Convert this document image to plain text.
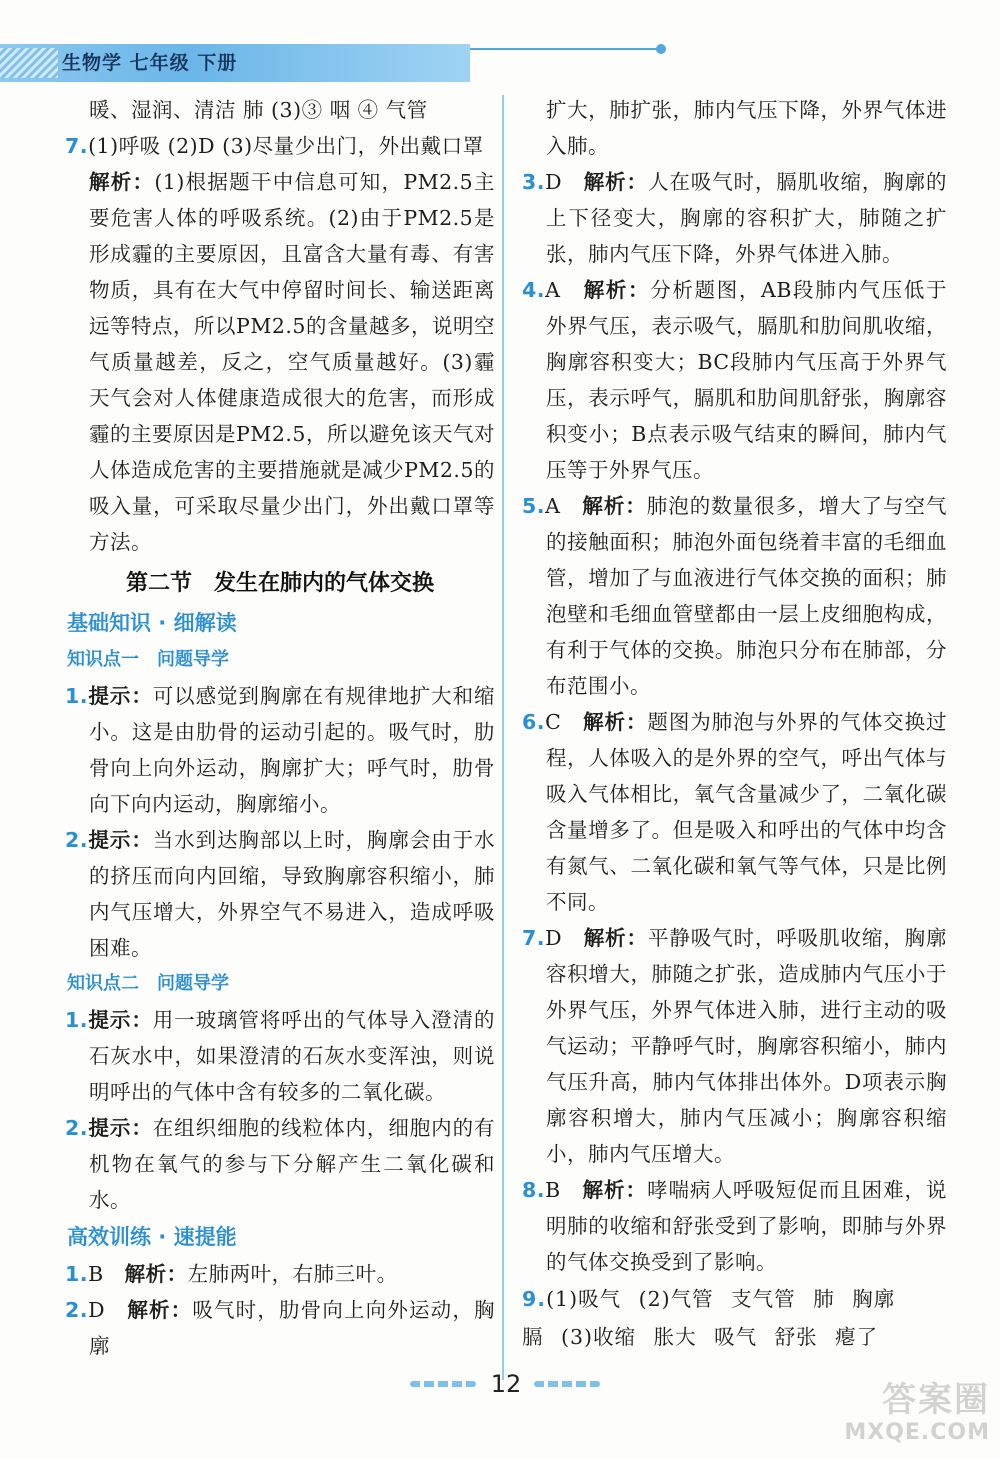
生物学 七年级 下册

暖、湿润、清洁 肺 (3)③ 咽 ④ 气管

7.(1)呼吸 (2)D (3)尽量少出门，外出戴口罩

解析：(1)根据题干中信息可知，PM2.5主要危害人体的呼吸系统。(2)由于PM2.5是形成霾的主要原因，且富含大量有毒、有害物质，具有在大气中停留时间长、输送距离远等特点，所以PM2.5的含量越多，说明空气质量越差，反之，空气质量越好。(3)霾天气会对人体健康造成很大的危害，而形成霾的主要原因是PM2.5，所以避免该天气对人体造成危害的主要措施就是减少PM2.5的吸入量，可采取尽量少出门，外出戴口罩等方法。

第二节　发生在肺内的气体交换
基础知识 · 细解读
知识点一　问题导学

1.提示：可以感觉到胸廓在有规律地扩大和缩小。这是由肋骨的运动引起的。吸气时，肋骨向上向外运动，胸廓扩大；呼气时，肋骨向下向内运动，胸廓缩小。

2.提示：当水到达胸部以上时，胸廓会由于水的挤压而向内回缩，导致胸廓容积缩小，肺内气压增大，外界空气不易进入，造成呼吸困难。

知识点二　问题导学

1.提示：用一玻璃管将呼出的气体导入澄清的石灰水中，如果澄清的石灰水变浑浊，则说明呼出的气体中含有较多的二氧化碳。

2.提示：在组织细胞的线粒体内，细胞内的有机物在氧气的参与下分解产生二氧化碳和水。

高效训练 · 速提能

1.B　 解析：左肺两叶，右肺三叶。

2.D　 解析：吸气时，肋骨向上向外运动，胸廓

扩大，肺扩张，肺内气压下降，外界气体进入肺。

3.D　 解析：人在吸气时，膈肌收缩，胸廓的上下径变大，胸廓的容积扩大，肺随之扩张，肺内气压下降，外界气体进入肺。

4.A　 解析：分析题图，AB段肺内气压低于外界气压，表示吸气，膈肌和肋间肌收缩，胸廓容积变大；BC段肺内气压高于外界气压，表示呼气，膈肌和肋间肌舒张，胸廓容积变小；B点表示吸气结束的瞬间，肺内气压等于外界气压。

5.A　 解析：肺泡的数量很多，增大了与空气的接触面积；肺泡外面包绕着丰富的毛细血管，增加了与血液进行气体交换的面积；肺泡壁和毛细血管壁都由一层上皮细胞构成，有利于气体的交换。肺泡只分布在肺部，分布范围小。

6.C　 解析：题图为肺泡与外界的气体交换过程，人体吸入的是外界的空气，呼出气体与吸入气体相比，氧气含量减少了，二氧化碳含量增多了。但是吸入和呼出的气体中均含有氮气、二氧化碳和氧气等气体，只是比例不同。

7.D　 解析：平静吸气时，呼吸肌收缩，胸廓容积增大，肺随之扩张，造成肺内气压小于外界气压，外界气体进入肺，进行主动的吸气运动；平静呼气时，胸廓容积缩小，肺内气压升高，肺内气体排出体外。D项表示胸廓容积增大，肺内气压减小；胸廓容积缩小，肺内气压增大。

8.B　 解析：哮喘病人呼吸短促而且困难，说明肺的收缩和舒张受到了影响，即肺与外界的气体交换受到了影响。

9.(1)吸气 (2)气管 支气管 肺 胸廓
膈 (3)收缩 胀大 吸气 舒张 瘪了
12	答案圈
MXQE.COM
